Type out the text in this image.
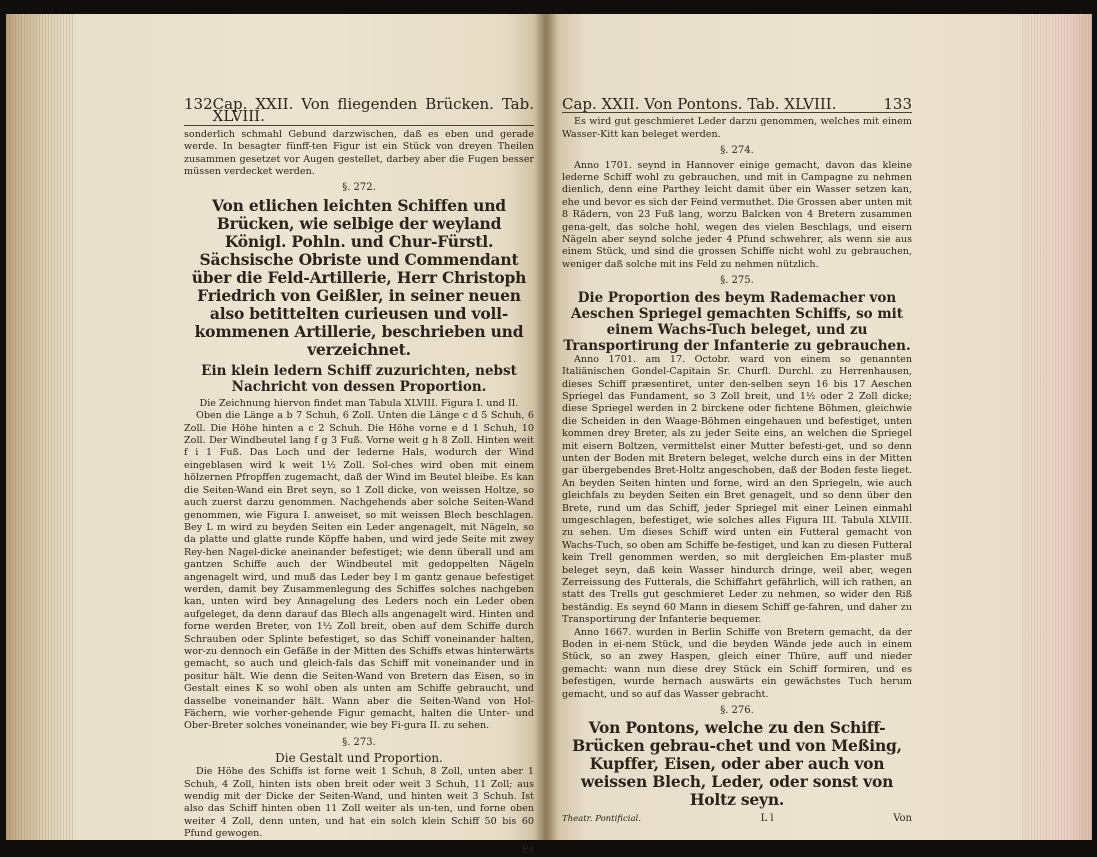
132 Cap. XXII. Von fliegenden Brücken. Tab. XLVIII.

sonderlich schmahl Gebund darzwischen, daß es eben und gerade werde. In besagter fünff-ten Figur ist ein Stück von dreyen Theilen zusammen gesetzet vor Augen gestellet, darbey aber die Fugen besser müssen verdecket werden.

§. 272.
Von etlichen leichten Schiffen und Brücken, wie selbige der weyland Königl. Pohln. und Chur-Fürstl. Sächsische Obriste und Commendant über die Feld-Artillerie, Herr Christoph Friedrich von Geißler, in seiner neuen also betittelten curieusen und voll-kommenen Artillerie, beschrieben und verzeichnet.
Ein klein ledern Schiff zuzurichten, nebst Nachricht von dessen Proportion.

Die Zeichnung hiervon findet man Tabula XLVIII. Figura I. und II.

Oben die Länge a b 7 Schuh, 6 Zoll. Unten die Länge c d 5 Schuh, 6 Zoll. Die Höhe hinten a c 2 Schuh. Die Höhe vorne e d 1 Schuh, 10 Zoll. Der Windbeutel lang f g 3 Fuß. Vorne weit g h 8 Zoll. Hinten weit f i 1 Fuß. Das Loch und der lederne Hals, wodurch der Wind eingeblasen wird k weit 1½ Zoll. Sol-ches wird oben mit einem hölzernen Pfropffen zugemacht, daß der Wind im Beutel bleibe. Es kan die Seiten-Wand ein Bret seyn, so 1 Zoll dicke, von weissen Holtze, so auch zuerst darzu genommen. Nachgehends aber solche Seiten-Wand genommen, wie Figura I. anweiset, so mit weissen Blech beschlagen. Bey L m wird zu beyden Seiten ein Leder angenagelt, mit Nägeln, so da platte und glatte runde Köpffe haben, und wird jede Seite mit zwey Rey-hen Nagel-dicke aneinander befestiget; wie denn überall und am gantzen Schiffe auch der Windbeutel mit gedoppelten Nägeln angenagelt wird, und muß das Leder bey l m gantz genaue befestiget werden, damit bey Zusammenlegung des Schiffes solches nachgeben kan, unten wird bey Annagelung des Leders noch ein Leder oben aufgeleget, da denn darauf das Blech alls angenagelt wird. Hinten und forne werden Breter, von 1½ Zoll breit, oben auf dem Schiffe durch Schrauben oder Splinte befestiget, so das Schiff voneinander halten, wor-zu dennoch ein Gefäße in der Mitten des Schiffs etwas hinterwärts gemacht, so auch und gleich-fals das Schiff mit voneinander und in positur hält. Wie denn die Seiten-Wand von Bretern das Eisen, so in Gestalt eines K so wohl oben als unten am Schiffe gebraucht, und dasselbe voneinander hält. Wann aber die Seiten-Wand von Hol-Fächern, wie vorher-gehende Figur gemacht, halten die Unter- und Ober-Breter solches voneinander, wie bey Fi-gura II. zu sehen.

§. 273.
Die Gestalt und Proportion.

Die Höhe des Schiffs ist forne weit 1 Schuh, 8 Zoll, unten aber 1 Schuh, 4 Zoll, hinten ists oben breit oder weit 3 Schuh, 11 Zoll; aus wendig mit der Dicke der Seiten-Wand, und hinten weit 3 Schuh. Ist also das Schiff hinten oben 11 Zoll weiter als un-ten, und forne oben weiter 4 Zoll, denn unten, und hat ein solch klein Schiff 50 bis 60 Pfund gewogen.

Es
Cap. XXII. Von Pontons. Tab. XLVIII.	133

Es wird gut geschmieret Leder darzu genommen, welches mit einem Wasser-Kitt kan beleget werden.

§. 274.

Anno 1701. seynd in Hannover einige gemacht, davon das kleine lederne Schiff wohl zu gebrauchen, und mit in Campagne zu nehmen dienlich, denn eine Parthey leicht damit über ein Wasser setzen kan, ehe und bevor es sich der Feind vermuthet. Die Grossen aber unten mit 8 Rädern, von 23 Fuß lang, worzu Balcken von 4 Bretern zusammen gena-gelt, das solche hohl, wegen des vielen Beschlags, und eisern Nägeln aber seynd solche jeder 4 Pfund schwehrer, als wenn sie aus einem Stück, und sind die grossen Schiffe nicht wohl zu gebrauchen, weniger daß solche mit ins Feld zu nehmen nützlich.

§. 275.
Die Proportion des beym Rademacher von Aeschen Spriegel gemachten Schiffs, so mit einem Wachs-Tuch beleget, und zu Transportirung der Infanterie zu gebrauchen.

Anno 1701. am 17. Octobr. ward von einem so genannten Italiänischen Gondel-Capitain Sr. Churfl. Durchl. zu Herrenhausen, dieses Schiff præsentiret, unter den-selben seyn 16 bis 17 Aeschen Spriegel das Fundament, so 3 Zoll breit, und 1½ oder 2 Zoll dicke; diese Spriegel werden in 2 birckene oder fichtene Böhmen, gleichwie die Scheiden in den Waage-Böhmen eingehauen und befestiget, unten kommen drey Breter, als zu jeder Seite eins, an welchen die Spriegel mit eisern Boltzen, vermittelst einer Mutter befesti-get, und so denn unten der Boden mit Bretern beleget, welche durch eins in der Mitten gar übergebendes Bret-Holtz angeschoben, daß der Boden feste lieget. An beyden Seiten hinten und forne, wird an den Spriegeln, wie auch gleichfals zu beyden Seiten ein Bret genagelt, und so denn über den Brete, rund um das Schiff, jeder Spriegel mit einer Leinen einmahl umgeschlagen, befestiget, wie solches alles Figura III. Tabula XLVIII. zu sehen. Um dieses Schiff wird unten ein Futteral gemacht von Wachs-Tuch, so oben am Schiffe be-festiget, und kan zu diesen Futteral kein Trell genommen werden, so mit dergleichen Em-plaster muß beleget seyn, daß kein Wasser hindurch dringe, weil aber, wegen Zerreissung des Futterals, die Schiffahrt gefährlich, will ich rathen, an statt des Trells gut geschmieret Leder zu nehmen, so wider den Riß beständig. Es seynd 60 Mann in diesem Schiff ge-fahren, und daher zu Transportirung der Infanterie bequemer.

Anno 1667. wurden in Berlin Schiffe von Bretern gemacht, da der Boden in ei-nem Stück, und die beyden Wände jede auch in einem Stück, so an zwey Haspen, gleich einer Thüre, auff und nieder gemacht: wann nun diese drey Stück ein Schiff formiren, und es befestigen, wurde hernach auswärts ein gewächstes Tuch herum gemacht, und so auf das Wasser gebracht.

§. 276.
Von Pontons, welche zu den Schiff-Brücken gebrau-chet und von Meßing, Kupffer, Eisen, oder aber auch von weissen Blech, Leder, oder sonst von Holtz seyn.
Theatr. Pontificial.	L l	Von
